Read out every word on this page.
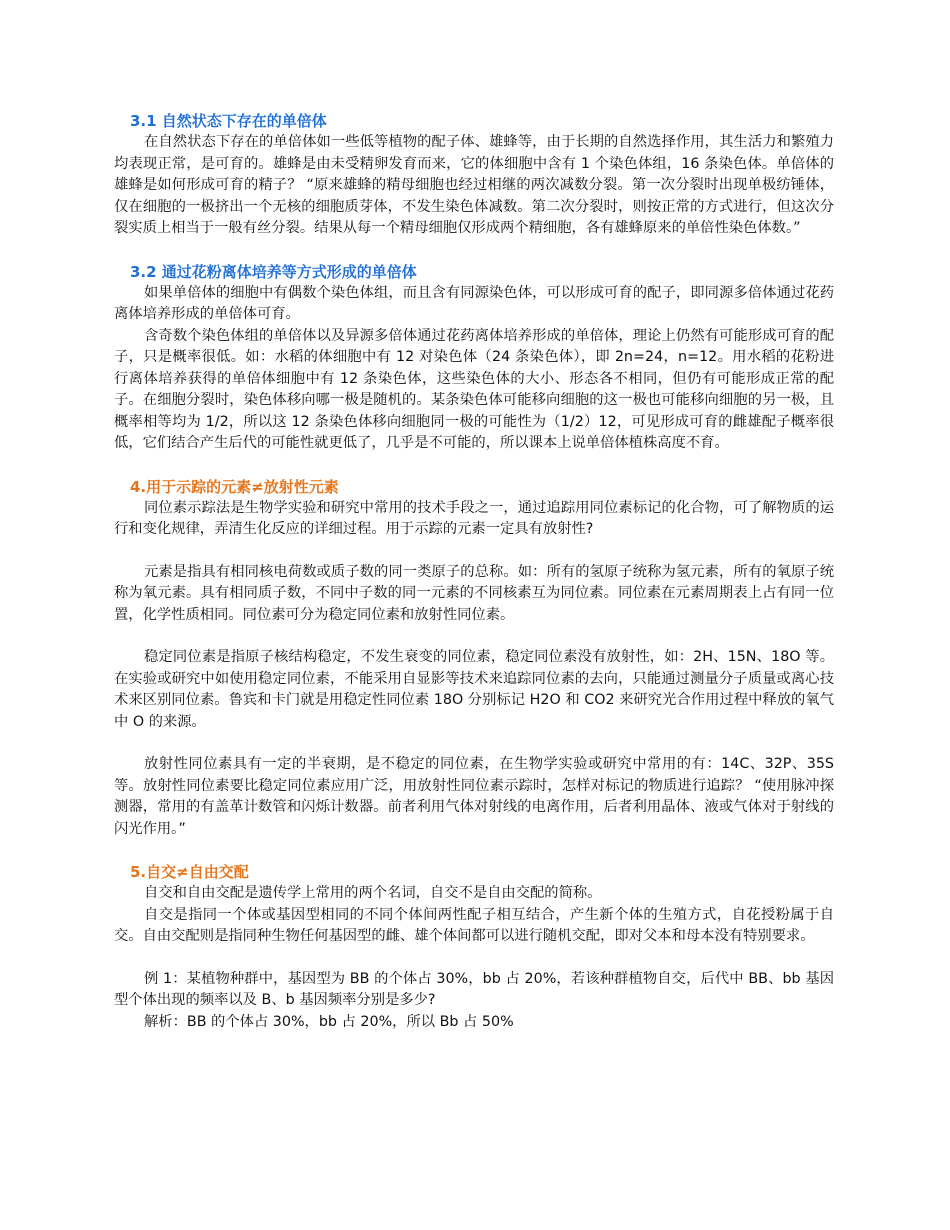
3.1 自然状态下存在的单倍体

在自然状态下存在的单倍体如一些低等植物的配子体、雄蜂等，由于长期的自然选择作用，其生活力和繁殖力均表现正常，是可育的。雄蜂是由未受精卵发育而来，它的体细胞中含有 1 个染色体组，16 条染色体。单倍体的雄蜂是如何形成可育的精子？ “原来雄蜂的精母细胞也经过相继的两次减数分裂。第一次分裂时出现单极纺锤体，仅在细胞的一极挤出一个无核的细胞质芽体，不发生染色体减数。第二次分裂时，则按正常的方式进行，但这次分裂实质上相当于一般有丝分裂。结果从每一个精母细胞仅形成两个精细胞，各有雄蜂原来的单倍性染色体数。”

3.2 通过花粉离体培养等方式形成的单倍体

如果单倍体的细胞中有偶数个染色体组，而且含有同源染色体，可以形成可育的配子，即同源多倍体通过花药离体培养形成的单倍体可育。

含奇数个染色体组的单倍体以及异源多倍体通过花药离体培养形成的单倍体，理论上仍然有可能形成可育的配子，只是概率很低。如：水稻的体细胞中有 12 对染色体（24 条染色体），即 2n=24，n=12。用水稻的花粉进行离体培养获得的单倍体细胞中有 12 条染色体，这些染色体的大小、形态各不相同，但仍有可能形成正常的配子。在细胞分裂时，染色体移向哪一极是随机的。某条染色体可能移向细胞的这一极也可能移向细胞的另一极，且概率相等均为 1/2，所以这 12 条染色体移向细胞同一极的可能性为（1/2）12，可见形成可育的雌雄配子概率很低，它们结合产生后代的可能性就更低了，几乎是不可能的，所以课本上说单倍体植株高度不育。

4.用于示踪的元素≠放射性元素

同位素示踪法是生物学实验和研究中常用的技术手段之一，通过追踪用同位素标记的化合物，可了解物质的运行和变化规律，弄清生化反应的详细过程。用于示踪的元素一定具有放射性?

元素是指具有相同核电荷数或质子数的同一类原子的总称。如：所有的氢原子统称为氢元素，所有的氧原子统称为氧元素。具有相同质子数，不同中子数的同一元素的不同核素互为同位素。同位素在元素周期表上占有同一位置，化学性质相同。同位素可分为稳定同位素和放射性同位素。

稳定同位素是指原子核结构稳定，不发生衰变的同位素，稳定同位素没有放射性，如：2H、15N、18O 等。在实验或研究中如使用稳定同位素，不能采用自显影等技术来追踪同位素的去向，只能通过测量分子质量或离心技术来区别同位素。鲁宾和卡门就是用稳定性同位素 18O 分别标记 H2O 和 CO2 来研究光合作用过程中释放的氧气中 O 的来源。

放射性同位素具有一定的半衰期，是不稳定的同位素，在生物学实验或研究中常用的有：14C、32P、35S 等。放射性同位素要比稳定同位素应用广泛，用放射性同位素示踪时，怎样对标记的物质进行追踪？ “使用脉冲探测器，常用的有盖革计数管和闪烁计数器。前者利用气体对射线的电离作用，后者利用晶体、液或气体对于射线的闪光作用。”

5.自交≠自由交配

自交和自由交配是遗传学上常用的两个名词，自交不是自由交配的简称。

自交是指同一个体或基因型相同的不同个体间两性配子相互结合，产生新个体的生殖方式，自花授粉属于自交。自由交配则是指同种生物任何基因型的雌、雄个体间都可以进行随机交配，即对父本和母本没有特别要求。

例 1：某植物种群中，基因型为 BB 的个体占 30%，bb 占 20%，若该种群植物自交，后代中 BB、bb 基因型个体出现的频率以及 B、b 基因频率分别是多少?

解析：BB 的个体占 30%，bb 占 20%，所以 Bb 占 50%
